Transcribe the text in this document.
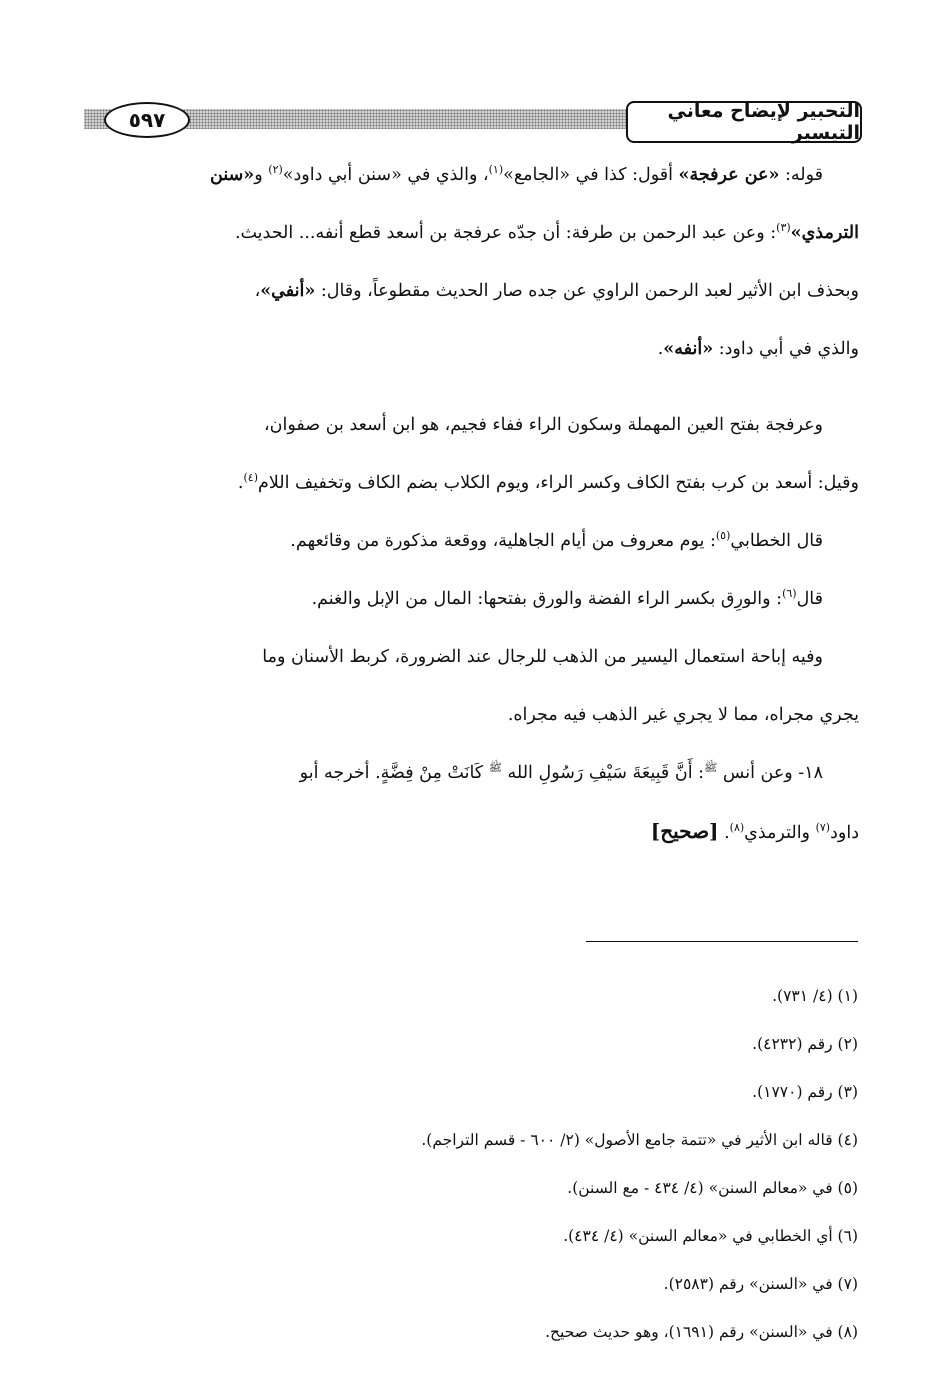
٥٩٧	التحبير لإيضاح معاني التيسير
قوله: «عن عرفجة» أقول: كذا في «الجامع»$^{(١)}$، والذي في «سنن أبي داود»$^{(٢)}$ و«سنن
الترمذي»$^{(٣)}$: وعن عبد الرحمن بن طرفة: أن جدّه عرفجة بن أسعد قطع أنفه... الحديث.
وبحذف ابن الأثير لعبد الرحمن الراوي عن جده صار الحديث مقطوعاً، وقال: «أنفي»،
والذي في أبي داود: «أنفه».
وعرفجة بفتح العين المهملة وسكون الراء ففاء فجيم، هو ابن أسعد بن صفوان،
وقيل: أسعد بن كرب بفتح الكاف وكسر الراء، ويوم الكلاب بضم الكاف وتخفيف اللام$^{(٤)}$.
قال الخطابي$^{(٥)}$: يوم معروف من أيام الجاهلية، ووقعة مذكورة من وقائعهم.
قال$^{(٦)}$: والورِق بكسر الراء الفضة والورق بفتحها: المال من الإبل والغنم.
وفيه إباحة استعمال اليسير من الذهب للرجال عند الضرورة، كربط الأسنان وما
يجري مجراه، مما لا يجري غير الذهب فيه مجراه.
١٨- وعن أنس $^ﷺ$: أَنَّ قَبِيعَةَ سَيْفِ رَسُولِ الله $^ﷺ$ كَانَتْ مِنْ فِضَّةٍ. أخرجه أبو
داود$^{(٧)}$ والترمذي$^{(٨)}$. [صحيح]
(١) (٤/ ٧٣١).
(٢) رقم (٤٢٣٢).
(٣) رقم (١٧٧٠).
(٤) قاله ابن الأثير في «تتمة جامع الأصول» (٢/ ٦٠٠ - قسم التراجم).
(٥) في «معالم السنن» (٤/ ٤٣٤ - مع السنن).
(٦) أي الخطابي في «معالم السنن» (٤/ ٤٣٤).
(٧) في «السنن» رقم (٢٥٨٣).
(٨) في «السنن» رقم (١٦٩١)، وهو حديث صحيح.
